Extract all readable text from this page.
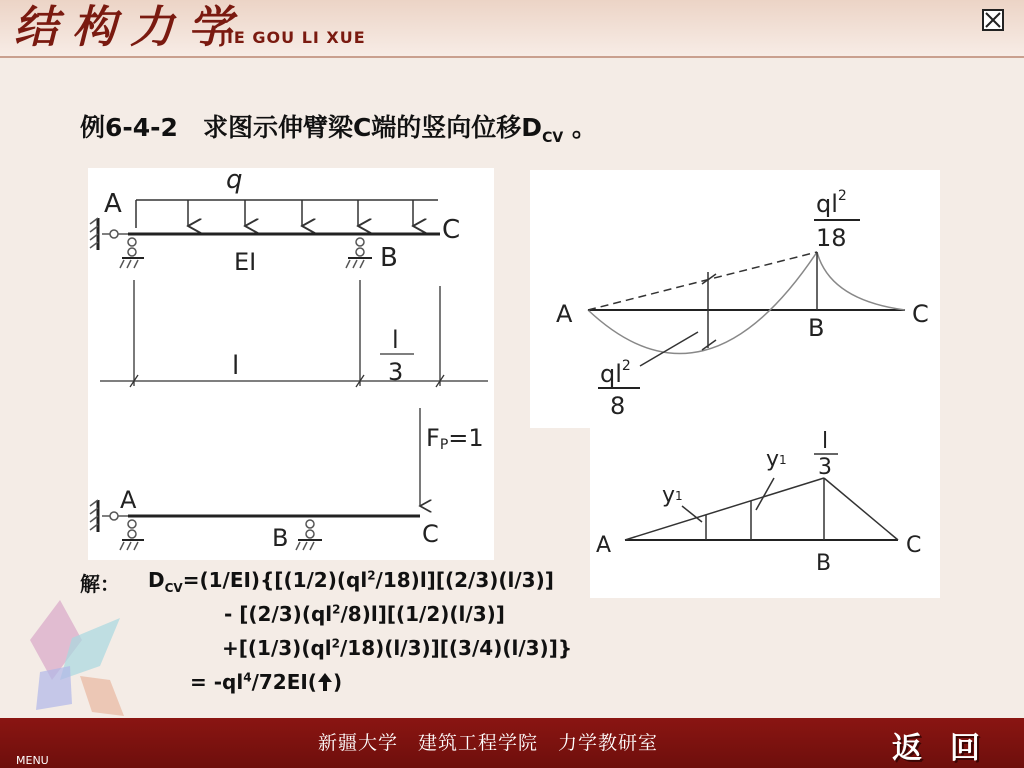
结构力学
JIE GOU LI XUE
例6-4-2　 求图示伸臂梁C端的竖向位移$D_{CV}$ 。
q
A
C
EI	B
l
l
3
FP=1
A
B	C
A	B	C
$ql^2$
18
$ql^2$
8
A
B
C
y1
y1
l
3
解： $D_{CV}=(1/EI)\{[(1/2)(ql^2/18)l][(2/3)(l/3)]$
- $[(2/3)(ql^2/8)l][(1/2)(l/3)]$
$+[(1/3)(ql^2/18)(l/3)][(3/4)(l/3)]$}
= $-ql^4/72EI$( )
MENU
新疆大学　建筑工程学院　力学教研室	返回
